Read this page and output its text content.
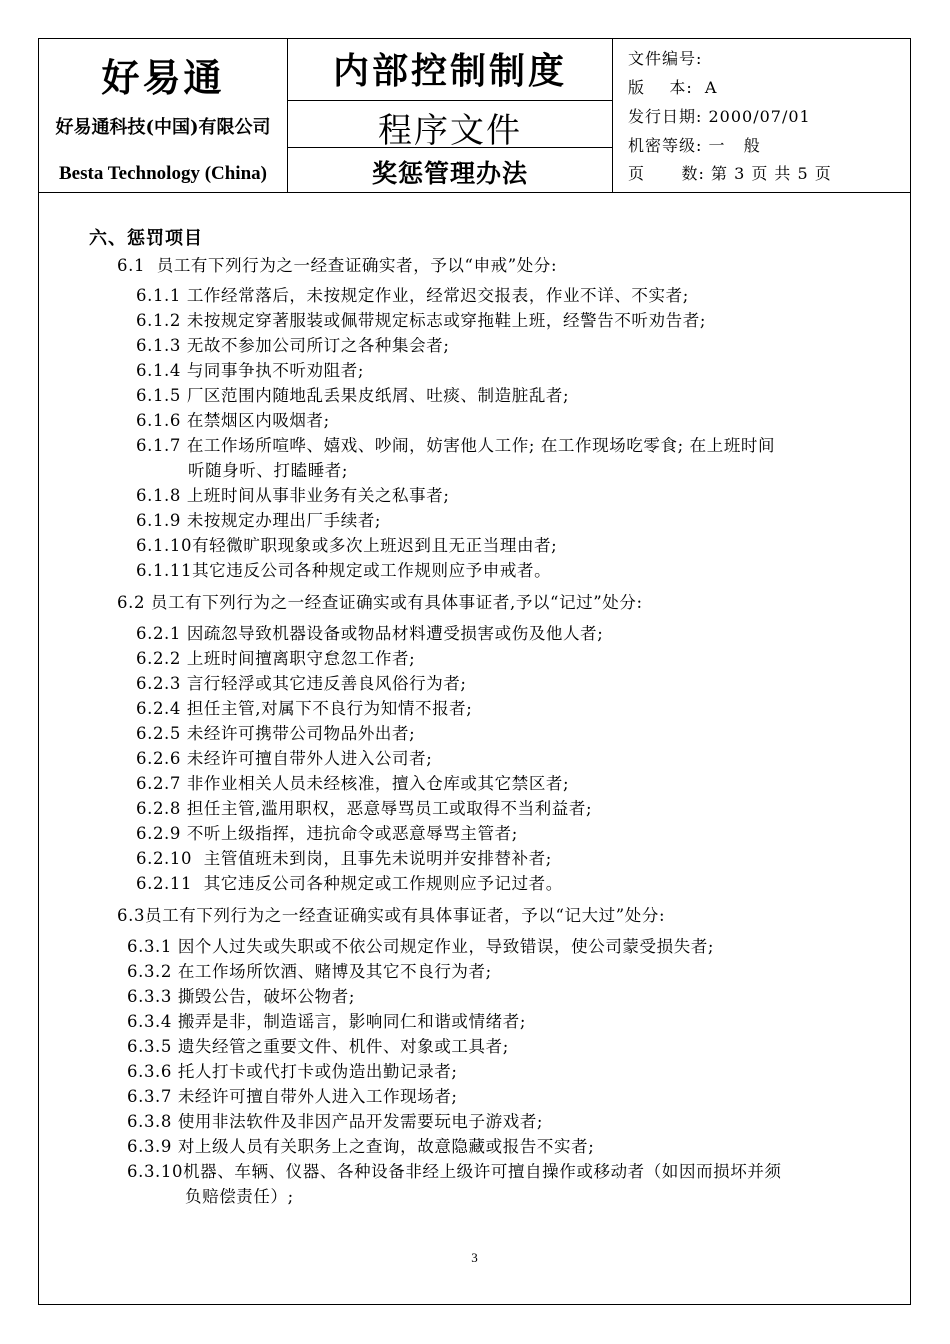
好易通
好易通科技(中国)有限公司
Besta Technology (China)
内部控制制度
程序文件
奖惩管理办法
文件编号:
版    本:  A
发行日期: 2000/07/01
机密等级: 一   般
页      数: 第 3 页 共 5 页
六、惩罚项目
6.1  员工有下列行为之一经查证确实者，予以“申戒”处分:
6.1.1 工作经常落后，未按规定作业，经常迟交报表，作业不详、不实者;
6.1.2 未按规定穿著服装或佩带规定标志或穿拖鞋上班，经警告不听劝告者;
6.1.3 无故不参加公司所订之各种集会者;
6.1.4 与同事争执不听劝阻者;
6.1.5 厂区范围内随地乱丢果皮纸屑、吐痰、制造脏乱者;
6.1.6 在禁烟区内吸烟者;
6.1.7 在工作场所喧哗、嬉戏、吵闹，妨害他人工作; 在工作现场吃零食; 在上班时间
听随身听、打瞌睡者;
6.1.8 上班时间从事非业务有关之私事者;
6.1.9 未按规定办理出厂手续者;
6.1.10有轻微旷职现象或多次上班迟到且无正当理由者;
6.1.11其它违反公司各种规定或工作规则应予申戒者。
6.2 员工有下列行为之一经查证确实或有具体事证者,予以“记过”处分:
6.2.1 因疏忽导致机器设备或物品材料遭受损害或伤及他人者;
6.2.2 上班时间擅离职守怠忽工作者;
6.2.3 言行轻浮或其它违反善良风俗行为者;
6.2.4 担任主管,对属下不良行为知情不报者;
6.2.5 未经许可携带公司物品外出者;
6.2.6 未经许可擅自带外人进入公司者;
6.2.7 非作业相关人员未经核准，擅入仓库或其它禁区者;
6.2.8 担任主管,滥用职权，恶意辱骂员工或取得不当利益者;
6.2.9 不听上级指挥，违抗命令或恶意辱骂主管者;
6.2.10  主管值班未到岗，且事先未说明并安排替补者;
6.2.11  其它违反公司各种规定或工作规则应予记过者。
6.3员工有下列行为之一经查证确实或有具体事证者，予以“记大过”处分:
6.3.1 因个人过失或失职或不依公司规定作业，导致错误，使公司蒙受损失者;
6.3.2 在工作场所饮酒、赌博及其它不良行为者;
6.3.3 撕毁公告，破坏公物者;
6.3.4 搬弄是非，制造谣言，影响同仁和谐或情绪者;
6.3.5 遗失经管之重要文件、机件、对象或工具者;
6.3.6 托人打卡或代打卡或伪造出勤记录者;
6.3.7 未经许可擅自带外人进入工作现场者;
6.3.8 使用非法软件及非因产品开发需要玩电子游戏者;
6.3.9 对上级人员有关职务上之查询，故意隐藏或报告不实者;
6.3.10机器、车辆、仪器、各种设备非经上级许可擅自操作或移动者（如因而损坏并须
负赔偿责任）;
3
